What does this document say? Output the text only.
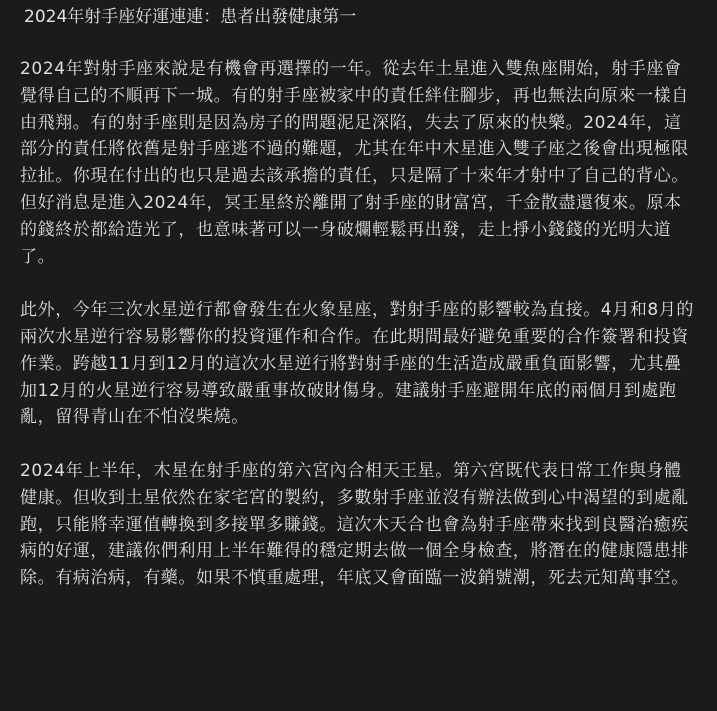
2024年射手座好運連連：患者出發健康第一

2024年對射手座來說是有機會再選擇的一年。從去年土星進入雙魚座開始，射手座會覺得自己的不順再下一城。有的射手座被家中的責任絆住腳步，再也無法向原來一樣自由飛翔。有的射手座則是因為房子的問題泥足深陷，失去了原來的快樂。2024年，這部分的責任將依舊是射手座逃不過的難題，尤其在年中木星進入雙子座之後會出現極限拉扯。你現在付出的也只是過去該承擔的責任，只是隔了十來年才射中了自己的背心。但好消息是進入2024年，冥王星終於離開了射手座的財富宮，千金散盡還復來。原本的錢終於都給造光了，也意味著可以一身破爛輕鬆再出發，走上掙小錢錢的光明大道了。

此外，今年三次水星逆行都會發生在火象星座，對射手座的影響較為直接。4月和8月的兩次水星逆行容易影響你的投資運作和合作。在此期間最好避免重要的合作簽署和投資作業。跨越11月到12月的這次水星逆行將對射手座的生活造成嚴重負面影響，尤其疊加12月的火星逆行容易導致嚴重事故破財傷身。建議射手座避開年底的兩個月到處跑亂，留得青山在不怕沒柴燒。

2024年上半年，木星在射手座的第六宮內合相天王星。第六宮既代表日常工作與身體健康。但收到土星依然在家宅宮的製約，多數射手座並沒有辦法做到心中渴望的到處亂跑，只能將幸運值轉換到多接單多賺錢。這次木天合也會為射手座帶來找到良醫治癒疾病的好運，建議你們利用上半年難得的穩定期去做一個全身檢查，將潛在的健康隱患排除。有病治病，有藥。如果不慎重處理，年底又會面臨一波銷號潮，死去元知萬事空。
